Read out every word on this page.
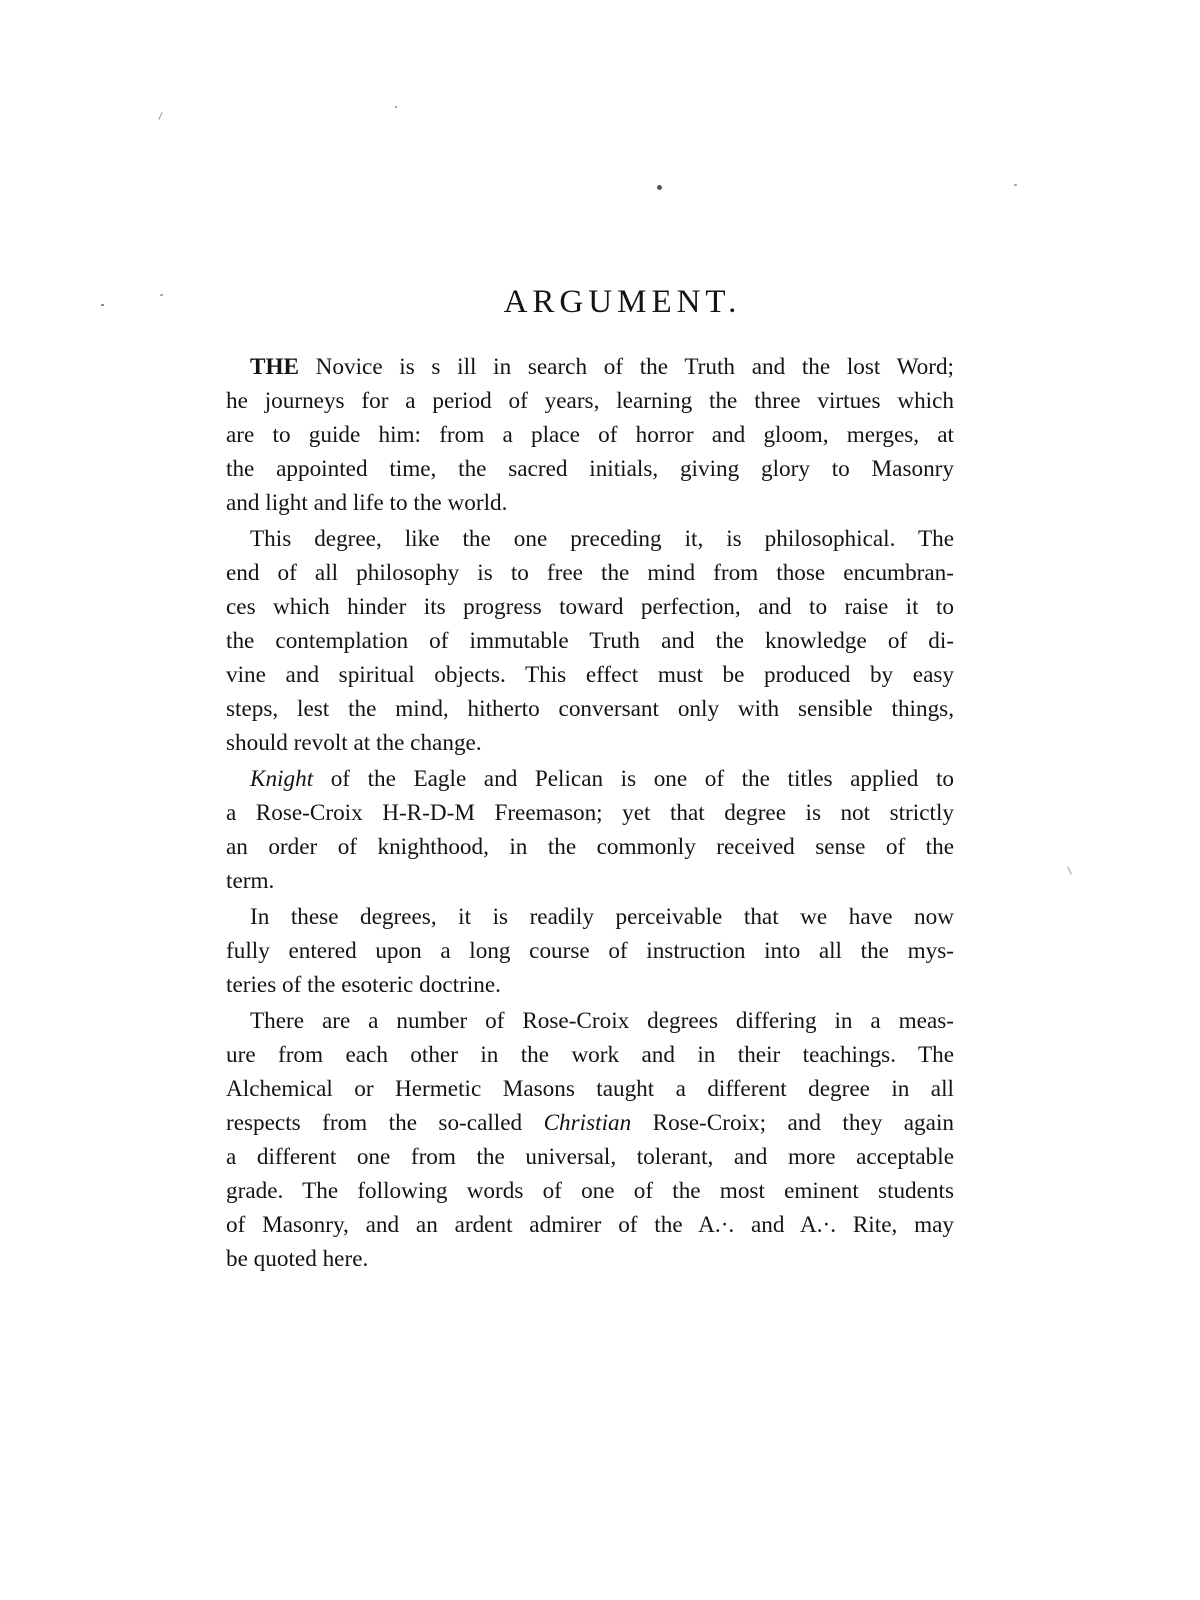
ARGUMENT.

THE Novice is s ill in search of the Truth and the lost Word;
he journeys for a period of years, learning the three virtues which
are to guide him: from a place of horror and gloom, merges, at
the appointed time, the sacred initials, giving glory to Masonry
and light and life to the world.

This degree, like the one preceding it, is philosophical. The
end of all philosophy is to free the mind from those encumbran-
ces which hinder its progress toward perfection, and to raise it to
the contemplation of immutable Truth and the knowledge of di-
vine and spiritual objects. This effect must be produced by easy
steps, lest the mind, hitherto conversant only with sensible things,
should revolt at the change.

Knight of the Eagle and Pelican is one of the titles applied to
a Rose-Croix H-R-D-M Freemason; yet that degree is not strictly
an order of knighthood, in the commonly received sense of the
term.

In these degrees, it is readily perceivable that we have now
fully entered upon a long course of instruction into all the mys-
teries of the esoteric doctrine.

There are a number of Rose-Croix degrees differing in a meas-
ure from each other in the work and in their teachings. The
Alchemical or Hermetic Masons taught a different degree in all
respects from the so-called Christian Rose-Croix; and they again
a different one from the universal, tolerant, and more acceptable
grade. The following words of one of the most eminent students
of Masonry, and an ardent admirer of the A.·. and A.·. Rite, may
be quoted here.
